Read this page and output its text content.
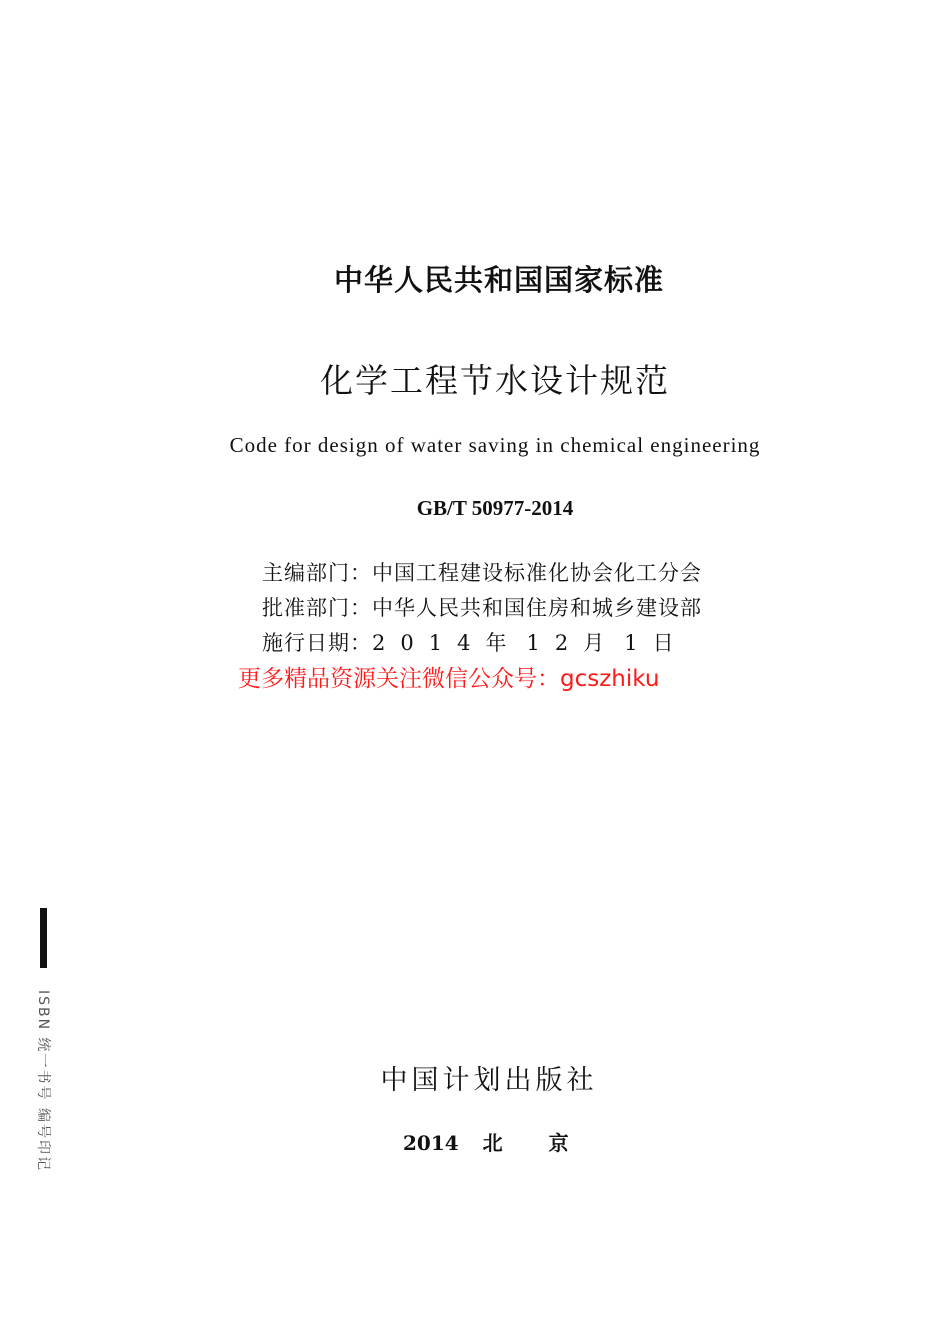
中华人民共和国国家标准
化学工程节水设计规范
Code for design of water saving in chemical engineering
GB/T 50977-2014
主编部门：中国工程建设标准化协会化工分会
批准部门：中华人民共和国住房和城乡建设部
施行日期：2014年 12月 1日
更多精品资源关注微信公众号：gcszhiku
中国计划出版社
2014 北 京
ISBN 统一书号 编号印记
